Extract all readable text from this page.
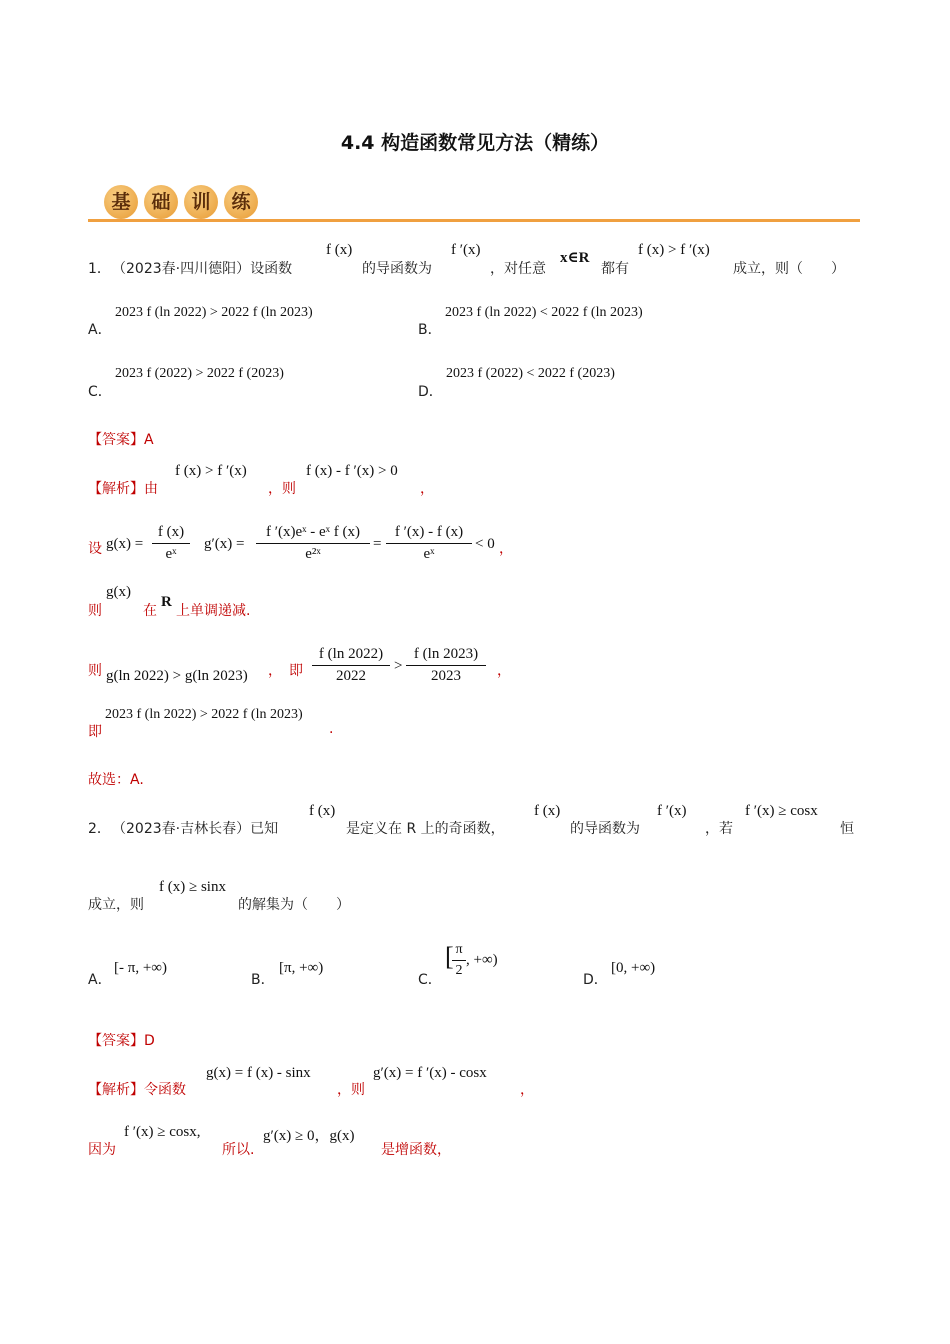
4.4 构造函数常见方法（精练）
基	础	训	练
1． （2023春·四川德阳）设函数
f (x)
的导函数为
f ′(x)
，对任意
x∈R
都有
f (x) > f ′(x)
成立，则（　　）
A．
2023 f (ln 2022) > 2022 f (ln 2023)
B．
2023 f (ln 2022) < 2022 f (ln 2023)
C．
2023 f (2022) > 2022 f (2023)
D．
2023 f (2022) < 2022 f (2023)
【答案】A
【解析】由
f (x) > f ′(x)
，则
f (x) - f ′(x) > 0
，
设 g(x) =
f (x)
eˣ
g′(x) =
f ′(x)eˣ - eˣ f (x)
e²ˣ
=
f ′(x) - f (x)
eˣ
< 0 ，
则
g(x)
在
R
上单调递减.
则 g(ln 2022) > g(ln 2023) ，　即
f (ln 2022)
2022
>
f (ln 2023)
2023	，
即
2023 f (ln 2022) > 2022 f (ln 2023)
.
故选：A.
2． （2023春·吉林长春）已知
f (x)
是定义在 R 上的奇函数，
f (x)
的导函数为
f ′(x)
，若
f ′(x) ≥ cosx
恒
成立，则
f (x) ≥ sinx
的解集为（　　）
A．
[- π, +∞)
B．
[π, +∞)
C．
[ π
2
, +∞)
D．
[0, +∞)
【答案】D
【解析】令函数
g(x) = f (x) - sinx
，则
g′(x) = f ′(x) - cosx
，
因为
f ′(x) ≥ cosx,
所以.
g′(x) ≥ 0，g(x)
是增函数，
